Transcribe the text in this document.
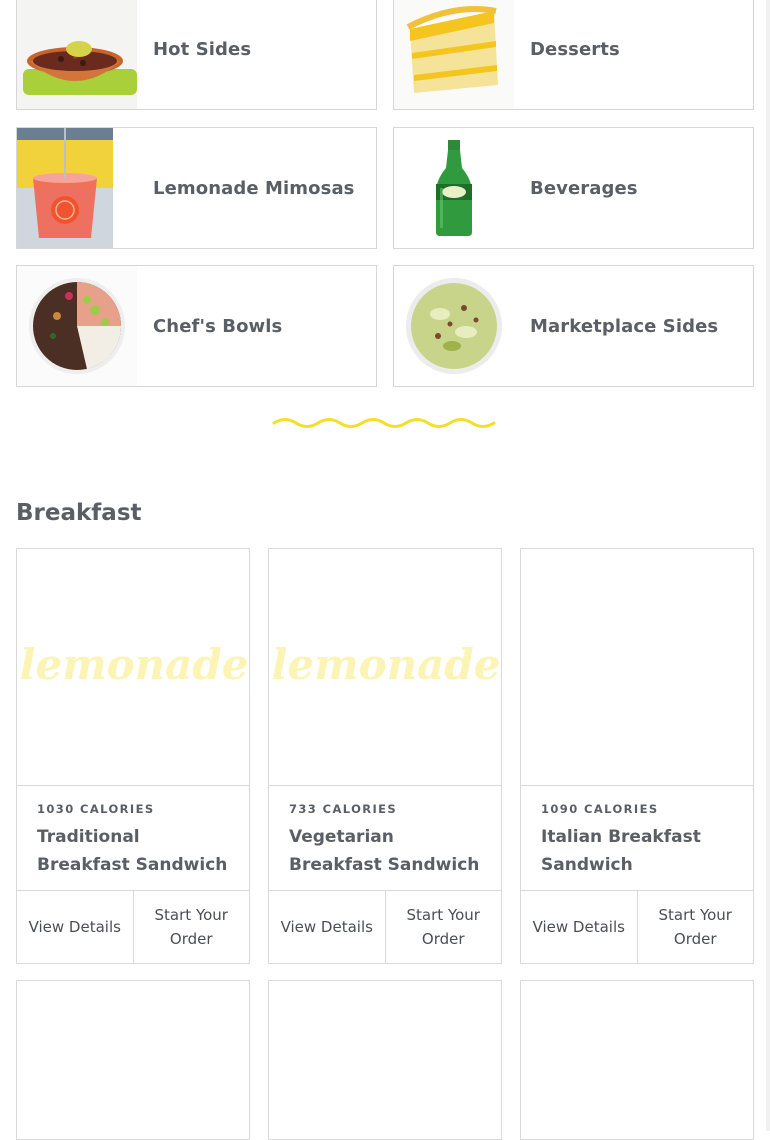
Hot Sides	Desserts
Lemonade Mimosas	Beverages
Chef's Bowls	Marketplace Sides
Breakfast
lemonade
1030 CALORIES
Traditional Breakfast Sandwich
View Details
Start Your Order
lemonade
733 CALORIES
Vegetarian Breakfast Sandwich
View Details
Start Your Order
1090 CALORIES
Italian Breakfast Sandwich
View Details
Start Your Order
